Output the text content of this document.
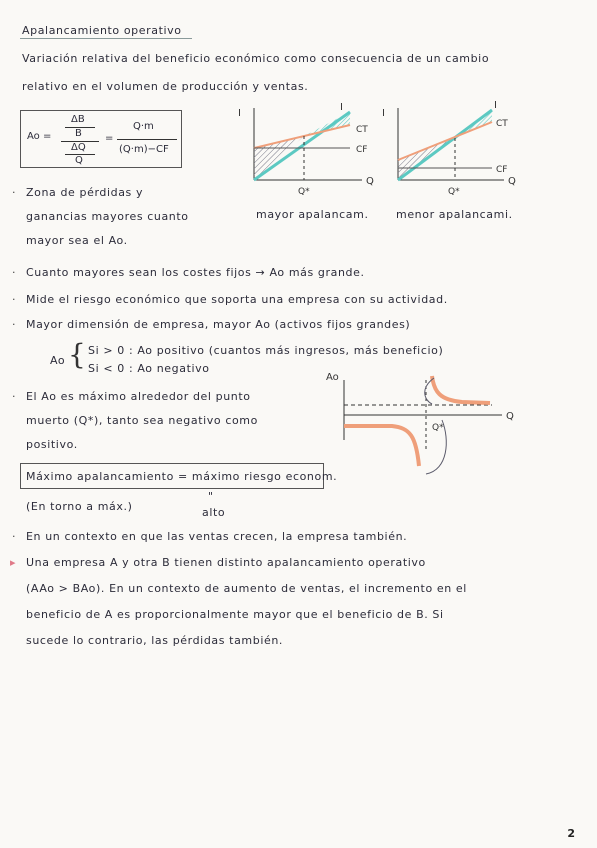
Apalancamiento operativo
Variación relativa del beneficio económico como consecuencia de un cambio
relativo en el volumen de producción y ventas.
Ao =
ΔB
B
ΔQ
Q
=
Q·m
(Q·m)−CF
I
Q
I
CT
CF
Q*
mayor apalancam.
I
Q
I
CT
CF
Q*
menor apalancami.
· Zona de pérdidas y
ganancias mayores cuanto
mayor sea el Ao.
· Cuanto mayores sean los costes fijos → Ao más grande.
· Mide el riesgo económico que soporta una empresa con su actividad.
· Mayor dimensión de empresa, mayor Ao (activos fijos grandes)
Ao { Si > 0 : Ao positivo (cuantos más ingresos, más beneficio)
Si < 0 : Ao negativo
· El Ao es máximo alrededor del punto
muerto (Q*), tanto sea negativo como
positivo.
Ao
Q
Q*
Máximo apalancamiento = máximo riesgo econom.
(En torno a máx.)
"
alto
· En un contexto en que las ventas crecen, la empresa también.
▸ Una empresa A y otra B tienen distinto apalancamiento operativo
(AAo > BAo). En un contexto de aumento de ventas, el incremento en el
beneficio de A es proporcionalmente mayor que el beneficio de B. Si
sucede lo contrario, las pérdidas también.
2
